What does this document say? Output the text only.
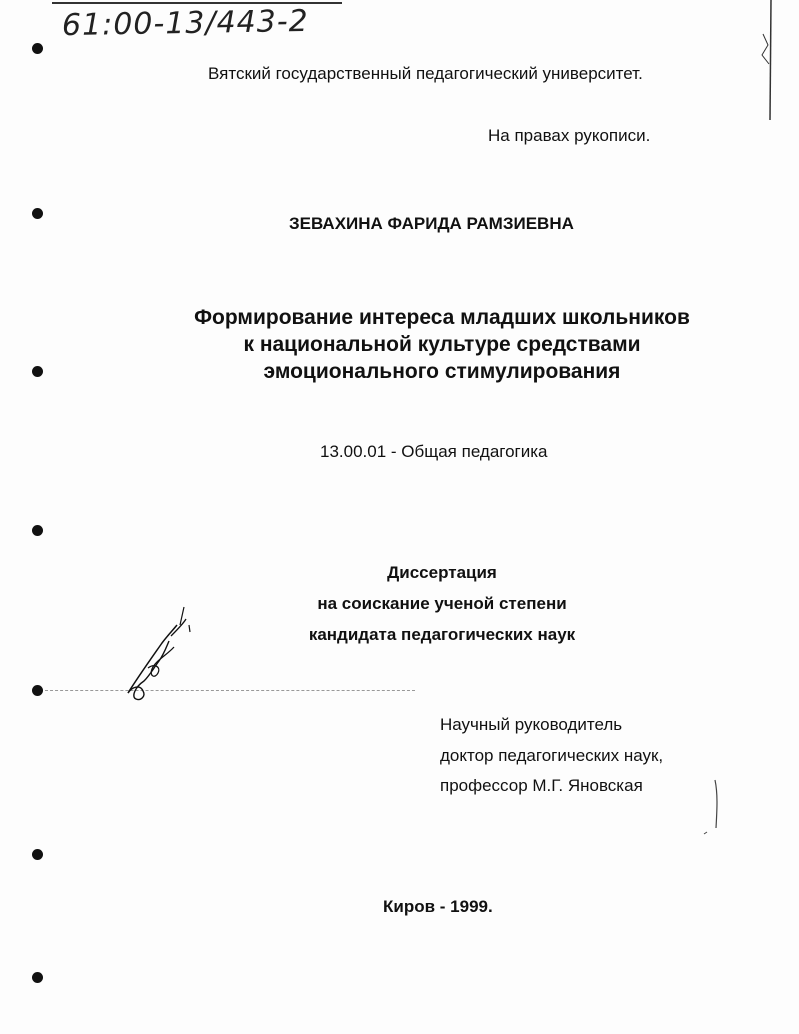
61:00-13/443-2
Вятский государственный педагогический университет.
На правах рукописи.
ЗЕВАХИНА ФАРИДА РАМЗИЕВНА
Формирование интереса младших школьников
к национальной культуре средствами
эмоционального стимулирования
13.00.01 - Общая педагогика
Диссертация
на соискание ученой степени
кандидата педагогических наук
Научный руководитель
доктор педагогических наук,
профессор М.Г. Яновская
Киров - 1999.
